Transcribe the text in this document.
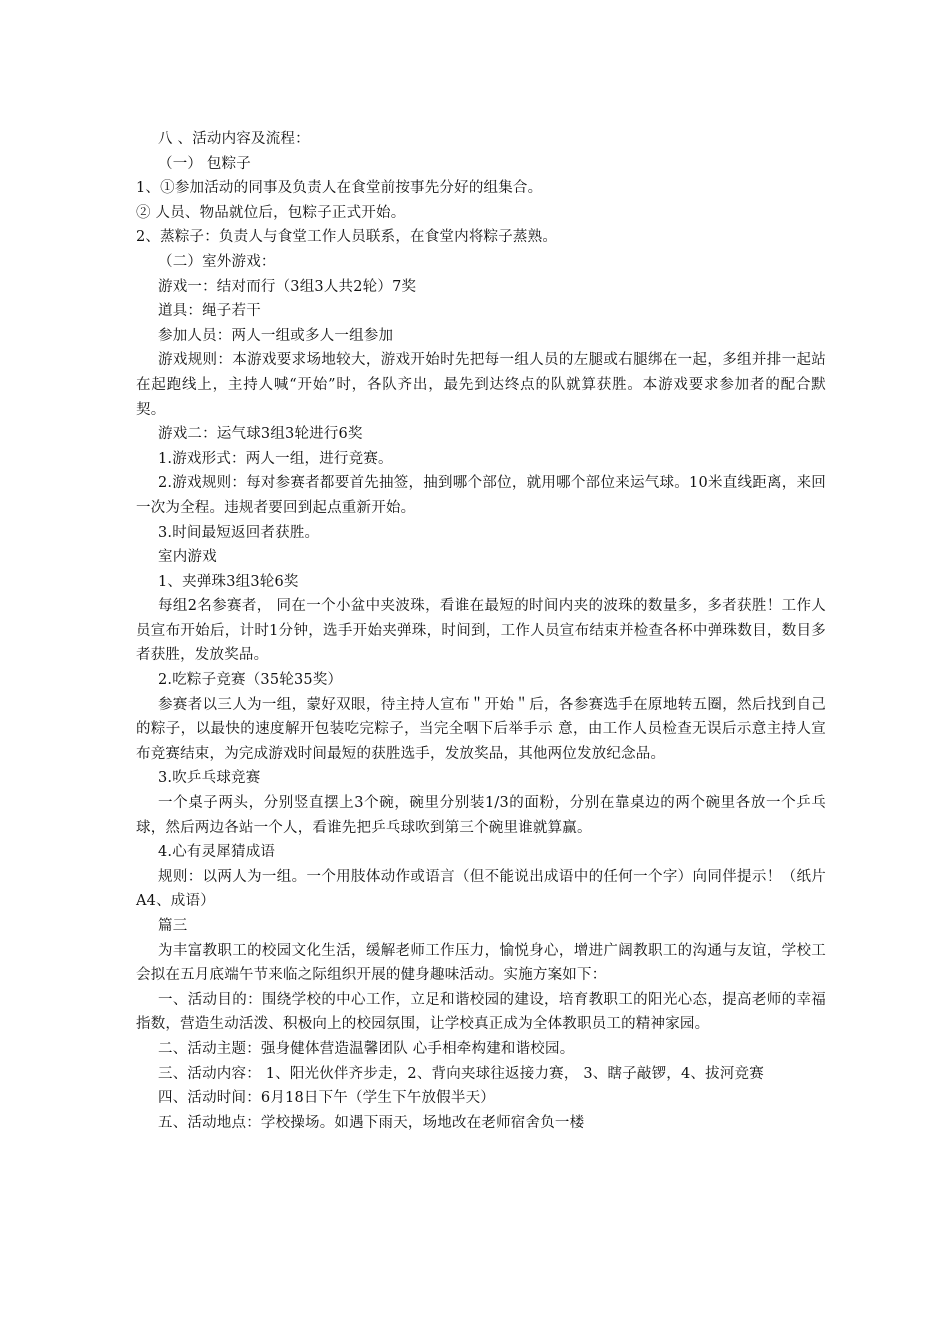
八 、活动内容及流程：

（一） 包粽子

1、①参加活动的同事及负责人在食堂前按事先分好的组集合。

② 人员、物品就位后，包粽子正式开始。

2、蒸粽子：负责人与食堂工作人员联系，在食堂内将粽子蒸熟。

（二）室外游戏：

游戏一：结对而行（3组3人共2轮）7奖

道具：绳子若干

参加人员：两人一组或多人一组参加

游戏规则：本游戏要求场地较大，游戏开始时先把每一组人员的左腿或右腿绑在一起，多组并排一起站在起跑线上，主持人喊“开始”时，各队齐出，最先到达终点的队就算获胜。本游戏要求参加者的配合默契。

游戏二：运气球3组3轮进行6奖

1.游戏形式：两人一组，进行竞赛。

2.游戏规则：每对参赛者都要首先抽签，抽到哪个部位，就用哪个部位来运气球。10米直线距离，来回一次为全程。违规者要回到起点重新开始。

3.时间最短返回者获胜。

室内游戏

1、夹弹珠3组3轮6奖

每组2名参赛者， 同在一个小盆中夹波珠，看谁在最短的时间内夹的波珠的数量多，多者获胜！工作人员宣布开始后，计时1分钟，选手开始夹弹珠，时间到，工作人员宣布结束并检查各杯中弹珠数目，数目多者获胜，发放奖品。

2.吃粽子竞赛（35轮35奖）

参赛者以三人为一组，蒙好双眼，待主持人宣布＂开始＂后，各参赛选手在原地转五圈，然后找到自己的粽子，以最快的速度解开包装吃完粽子，当完全咽下后举手示 意，由工作人员检查无误后示意主持人宣布竞赛结束，为完成游戏时间最短的获胜选手，发放奖品，其他两位发放纪念品。

3.吹乒乓球竞赛

一个桌子两头，分别竖直摆上3个碗，碗里分别装1/3的面粉，分别在靠桌边的两个碗里各放一个乒乓球，然后两边各站一个人，看谁先把乒乓球吹到第三个碗里谁就算赢。

4.心有灵犀猜成语

规则：以两人为一组。一个用肢体动作或语言（但不能说出成语中的任何一个字）向同伴提示！（纸片A4、成语）

篇三

为丰富教职工的校园文化生活，缓解老师工作压力，愉悦身心，增进广阔教职工的沟通与友谊，学校工会拟在五月底端午节来临之际组织开展的健身趣味活动。实施方案如下：

一、活动目的：围绕学校的中心工作，立足和谐校园的建设，培育教职工的阳光心态，提高老师的幸福指数，营造生动活泼、积极向上的校园氛围，让学校真正成为全体教职员工的精神家园。

二、活动主题：强身健体营造温馨团队 心手相牵构建和谐校园。

三、活动内容： 1、阳光伙伴齐步走，2、背向夹球往返接力赛， 3、瞎子敲锣，4、拔河竞赛

四、活动时间：6月18日下午（学生下午放假半天）

五、活动地点：学校操场。如遇下雨天，场地改在老师宿舍负一楼
